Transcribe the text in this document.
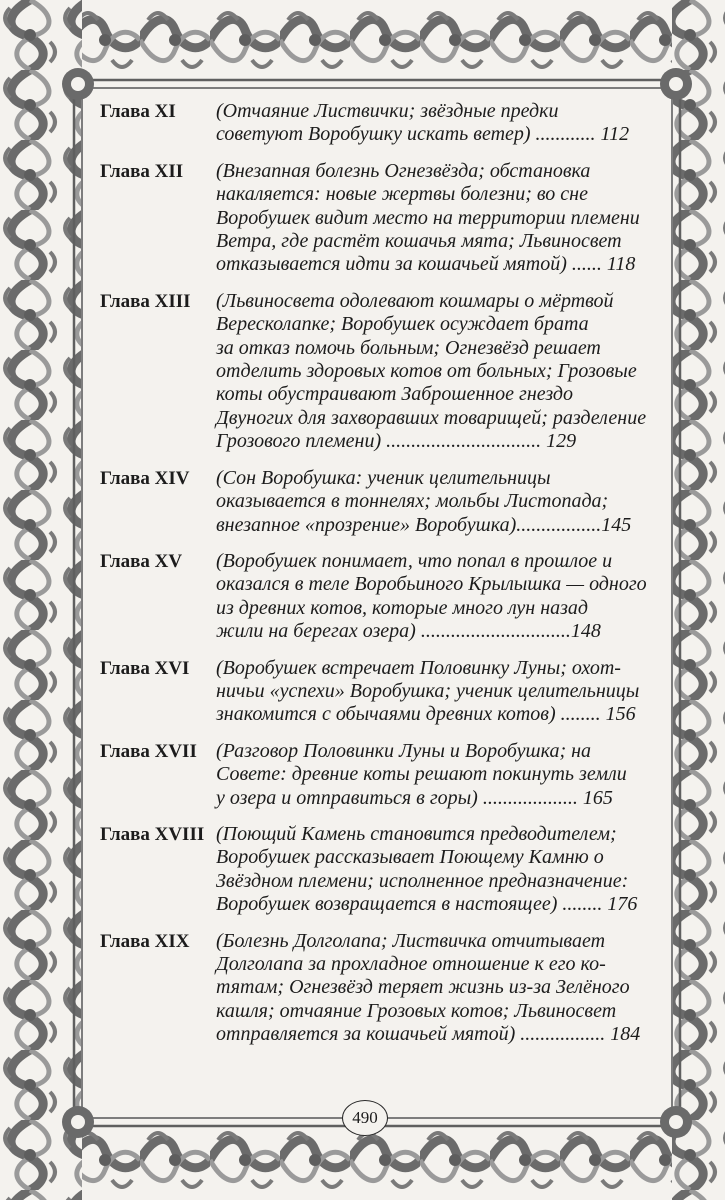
Глава XI	(Отчаяние Листвички; звёздные предки
советуют Воробушку искать ветер) ............ 112
Глава XII	(Внезапная болезнь Огнезвёзда; обстановка
накаляется: новые жертвы болезни; во сне
Воробушек видит место на территории племени
Ветра, где растёт кошачья мята; Львиносвет
отказывается идти за кошачьей мятой) ...... 118
Глава XIII	(Львиносвета одолевают кошмары о мёртвой
Вересколапке; Воробушек осуждает брата
за отказ помочь больным; Огнезвёзд решает
отделить здоровых котов от больных; Грозовые
коты обустраивают Заброшенное гнездо
Двуногих для захворавших товарищей; разделение
Грозового племени) ............................... 129
Глава XIV	(Сон Воробушка: ученик целительницы
оказывается в тоннелях; мольбы Листопада;
внезапное «прозрение» Воробушка).................145
Глава XV	(Воробушек понимает, что попал в прошлое и
оказался в теле Воробьиного Крылышка — одного
из древних котов, которые много лун назад
жили на берегах озера) ..............................148
Глава XVI	(Воробушек встречает Половинку Луны; охот-
ничьи «успехи» Воробушка; ученик целительницы
знакомится с обычаями древних котов) ........ 156
Глава XVII (Разговор Половинки Луны и Воробушка; на
Совете: древние коты решают покинуть земли
у озера и отправиться в горы) ................... 165
Глава XVIII (Поющий Камень становится предводителем;
Воробушек рассказывает Поющему Камню о
Звёздном племени; исполненное предназначение:
Воробушек возвращается в настоящее) ........ 176
Глава XIX	(Болезнь Долголапа; Листвичка отчитывает
Долголапа за прохладное отношение к его ко-
тятам; Огнезвёзд теряет жизнь из-за Зелёного
кашля; отчаяние Грозовых котов; Львиносвет
отправляется за кошачьей мятой) ................. 184
490
